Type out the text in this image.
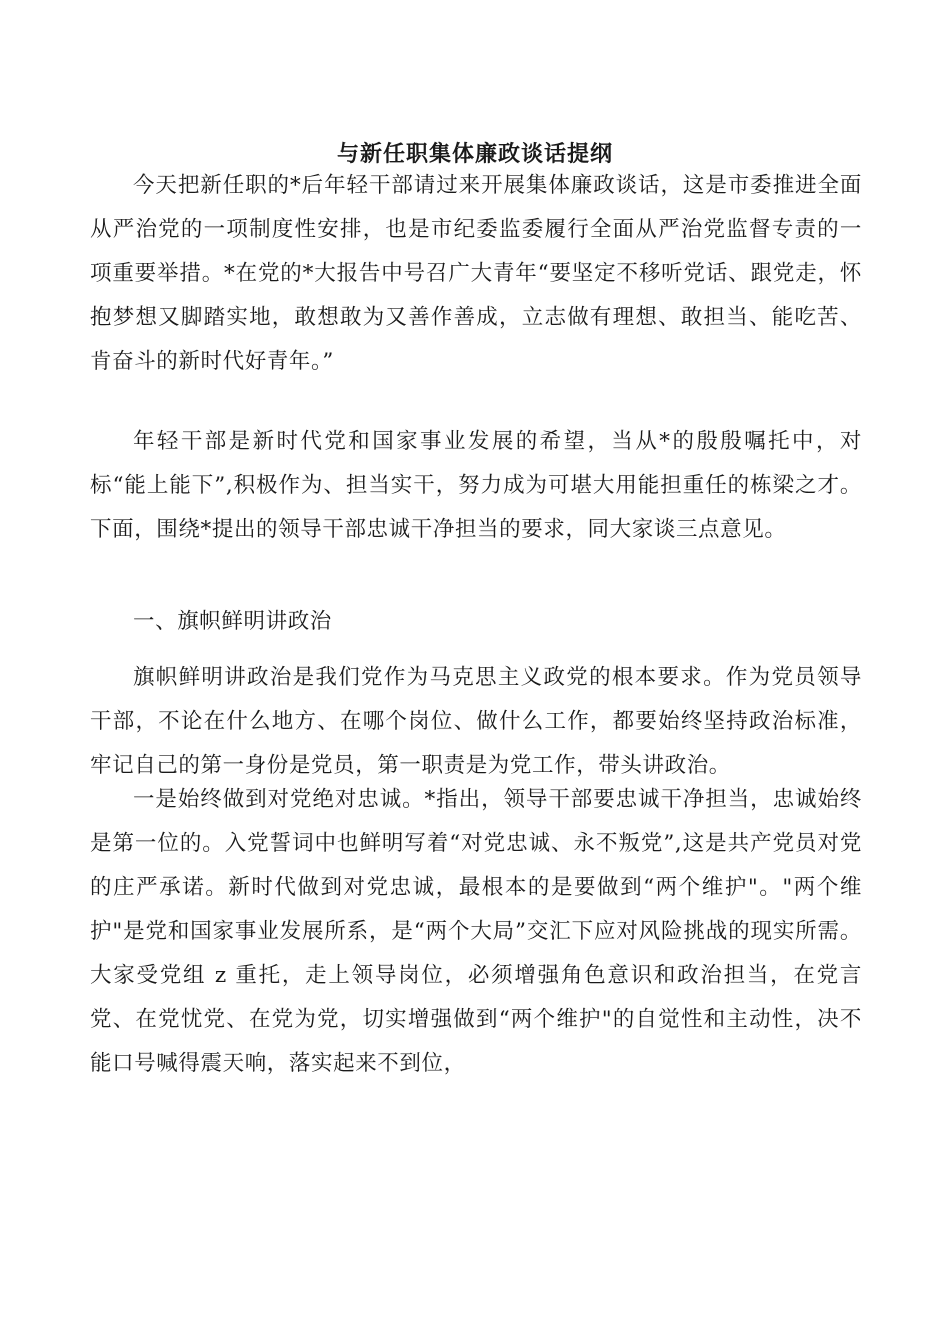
与新任职集体廉政谈话提纲

今天把新任职的*后年轻干部请过来开展集体廉政谈话，这是市委推进全面从严治党的一项制度性安排，也是市纪委监委履行全面从严治党监督专责的一项重要举措。*在党的*大报告中号召广大青年“要坚定不移听党话、跟党走，怀抱梦想又脚踏实地，敢想敢为又善作善成，立志做有理想、敢担当、能吃苦、肯奋斗的新时代好青年。”

年轻干部是新时代党和国家事业发展的希望，当从*的殷殷嘱托中，对标“能上能下”,积极作为、担当实干，努力成为可堪大用能担重任的栋梁之才。下面，围绕*提出的领导干部忠诚干净担当的要求，同大家谈三点意见。

一、旗帜鲜明讲政治

旗帜鲜明讲政治是我们党作为马克思主义政党的根本要求。作为党员领导干部，不论在什么地方、在哪个岗位、做什么工作，都要始终坚持政治标准，牢记自己的第一身份是党员，第一职责是为党工作，带头讲政治。

一是始终做到对党绝对忠诚。*指出，领导干部要忠诚干净担当，忠诚始终是第一位的。入党誓词中也鲜明写着“对党忠诚、永不叛党”,这是共产党员对党的庄严承诺。新时代做到对党忠诚，最根本的是要做到“两个维护"。"两个维护"是党和国家事业发展所系，是“两个大局”交汇下应对风险挑战的现实所需。大家受党组 z 重托，走上领导岗位，必须增强角色意识和政治担当，在党言党、在党忧党、在党为党，切实增强做到“两个维护"的自觉性和主动性，决不能口号喊得震天响，落实起来不到位，
